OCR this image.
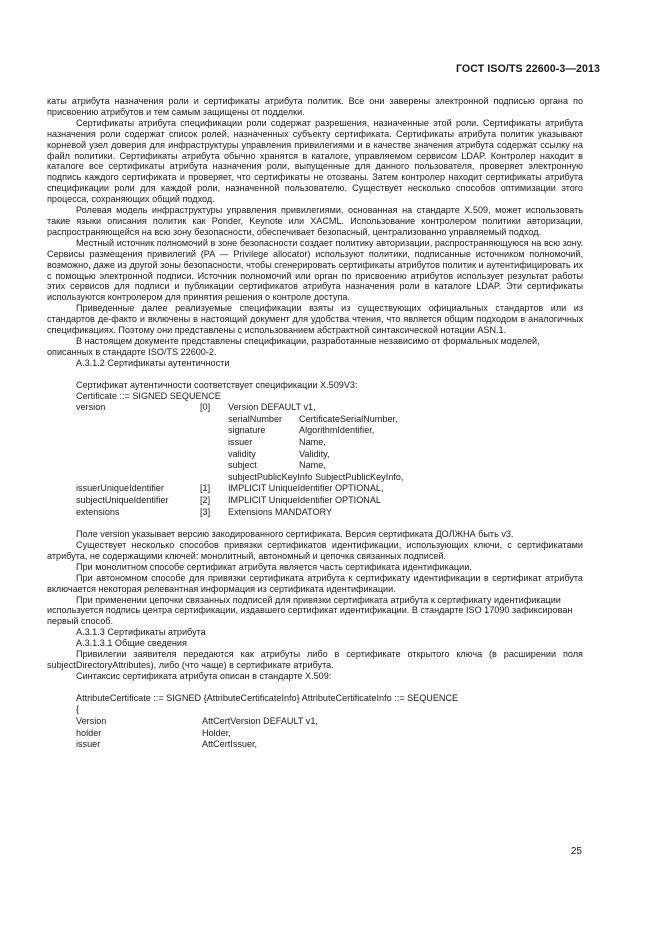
ГОСТ ISO/TS 22600-3—2013

каты атрибута назначения роли и сертификаты атрибута политик. Все они заверены электронной подписью органа по присвоению атрибутов и тем самым защищены от подделки.

Сертификаты атрибута спецификации роли содержат разрешения, назначенные этой роли. Сертификаты атрибута назначения роли содержат список ролей, назначенных субъекту сертификата. Сертификаты атрибута политик указывают корневой узел доверия для инфраструктуры управления привилегиями и в качестве значения атрибута содержат ссылку на файл политики. Сертификаты атрибута обычно хранятся в каталоге, управляемом сервисом LDAP. Контролер находит в каталоге все сертификаты атрибута назначения роли, выпущенные для данного пользователя, проверяет электронную подпись каждого сертификата и проверяет, что сертификаты не отозваны. Затем контролер находит сертификаты атрибута спецификации роли для каждой роли, назначенной пользователю. Существует несколько способов оптимизации этого процесса, сохраняющих общий подход.

Ролевая модель инфраструктуры управления привилегиями, основанная на стандарте X.509, может использовать такие языки описания политик как Ponder, Keynote или XACML. Использование контролером политики авторизации, распространяющейся на всю зону безопасности, обеспечивает безопасный, централизованно управляемый подход.

Местный источник полномочий в зоне безопасности создает политику авторизации, распространяющуюся на всю зону. Сервисы размещения привилегий (PA — Privilege allocator) используют политики, подписанные источником полномочий, возможно, даже из другой зоны безопасности, чтобы сгенерировать сертификаты атрибутов политик и аутентифицировать их с помощью электронной подписи. Источник полномочий или орган по присвоению атрибутов использует результат работы этих сервисов для подписи и публикации сертификатов атрибута назначения роли в каталоге LDAP. Эти сертификаты используются контролером для принятия решения о контроле доступа.

Приведенные далее реализуемые спецификации взяты из существующих официальных стандартов или из стандартов де-факто и включены в настоящий документ для удобства чтения, что является общим подходом в аналогичных спецификациях. Поэтому они представлены с использованием абстрактной синтаксической нотации ASN.1.

В настоящем документе представлены спецификации, разработанные независимо от формальных моделей, описанных в стандарте ISO/TS 22600-2.

А.3.1.2 Сертификаты аутентичности

Сертификат аутентичности соответствует спецификации X.509V3:

Certificate ::= SIGNED SEQUENCE
version	[0]	Version DEFAULT v1,
serialNumber	CertificateSerialNumber,
signature	AlgorithmIdentifier,
issuer	Name,
validity	Validity,
subject	Name,
subjectPublicKeyInfo SubjectPublicKeyInfo,
issuerUniqueIdentifier	[1]	IMPLICIT UniqueIdentifier OPTIONAL,
subjectUniqueIdentifier	[2]	IMPLICIT UniqueIdentifier OPTIONAL
extensions	[3]	Extensions MANDATORY

Поле version указывает версию закодированного сертификата. Версия сертификата ДОЛЖНА быть v3.

Существует несколько способов привязки сертификатов идентификации, использующих ключи, с сертификатами атрибута, не содержащими ключей: монолитный, автономный и цепочка связанных подписей.

При монолитном способе сертификат атрибута является часть сертификата идентификации.

При автономном способе для привязки сертификата атрибута к сертификату идентификации в сертификат атрибута включается некоторая релевантная информация из сертификата идентификации.

При применении цепочки связанных подписей для привязки сертификата атрибута к сертификату идентификации используется подпись центра сертификации, издавшего сертификат идентификации. В стандарте ISO 17090 зафиксирован первый способ.

А.3.1.3 Сертификаты атрибута

А.3.1.3.1 Общие сведения

Привилегии заявителя передаются как атрибуты либо в сертификате открытого ключа (в расширении поля subjectDirectoryAttributes), либо (что чаще) в сертификате атрибута.

Синтаксис сертификата атрибута описан в стандарте X.509:

AttributeCertificate ::= SIGNED {AttributeCertificateInfo} AttributeCertificateInfo ::= SEQUENCE
{
Version	AttCertVersion DEFAULT v1,
holder	Holder,
issuer	AttCertIssuer,
25
